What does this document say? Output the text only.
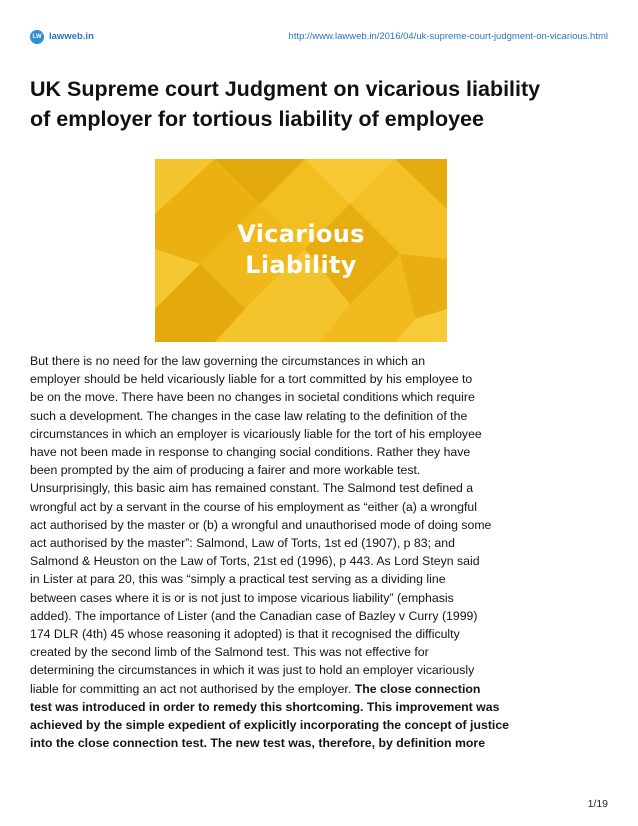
LW lawweb.in	http://www.lawweb.in/2016/04/uk-supreme-court-judgment-on-vicarious.html
UK Supreme court Judgment on vicarious liability
of employer for tortious liability of employee
Vicarious
Liability
But there is no need for the law governing the circumstances in which an
employer should be held vicariously liable for a tort committed by his employee to
be on the move. There have been no changes in societal conditions which require
such a development. The changes in the case law relating to the definition of the
circumstances in which an employer is vicariously liable for the tort of his employee
have not been made in response to changing social conditions. Rather they have
been prompted by the aim of producing a fairer and more workable test.
Unsurprisingly, this basic aim has remained constant. The Salmond test defined a
wrongful act by a servant in the course of his employment as “either (a) a wrongful
act authorised by the master or (b) a wrongful and unauthorised mode of doing some
act authorised by the master”: Salmond, Law of Torts, 1st ed (1907), p 83; and
Salmond & Heuston on the Law of Torts, 21st ed (1996), p 443. As Lord Steyn said
in Lister at para 20, this was “simply a practical test serving as a dividing line
between cases where it is or is not just to impose vicarious liability” (emphasis
added). The importance of Lister (and the Canadian case of Bazley v Curry (1999)
174 DLR (4th) 45 whose reasoning it adopted) is that it recognised the difficulty
created by the second limb of the Salmond test. This was not effective for
determining the circumstances in which it was just to hold an employer vicariously
liable for committing an act not authorised by the employer. The close connection
test was introduced in order to remedy this shortcoming. This improvement was
achieved by the simple expedient of explicitly incorporating the concept of justice
into the close connection test. The new test was, therefore, by definition more
1/19
